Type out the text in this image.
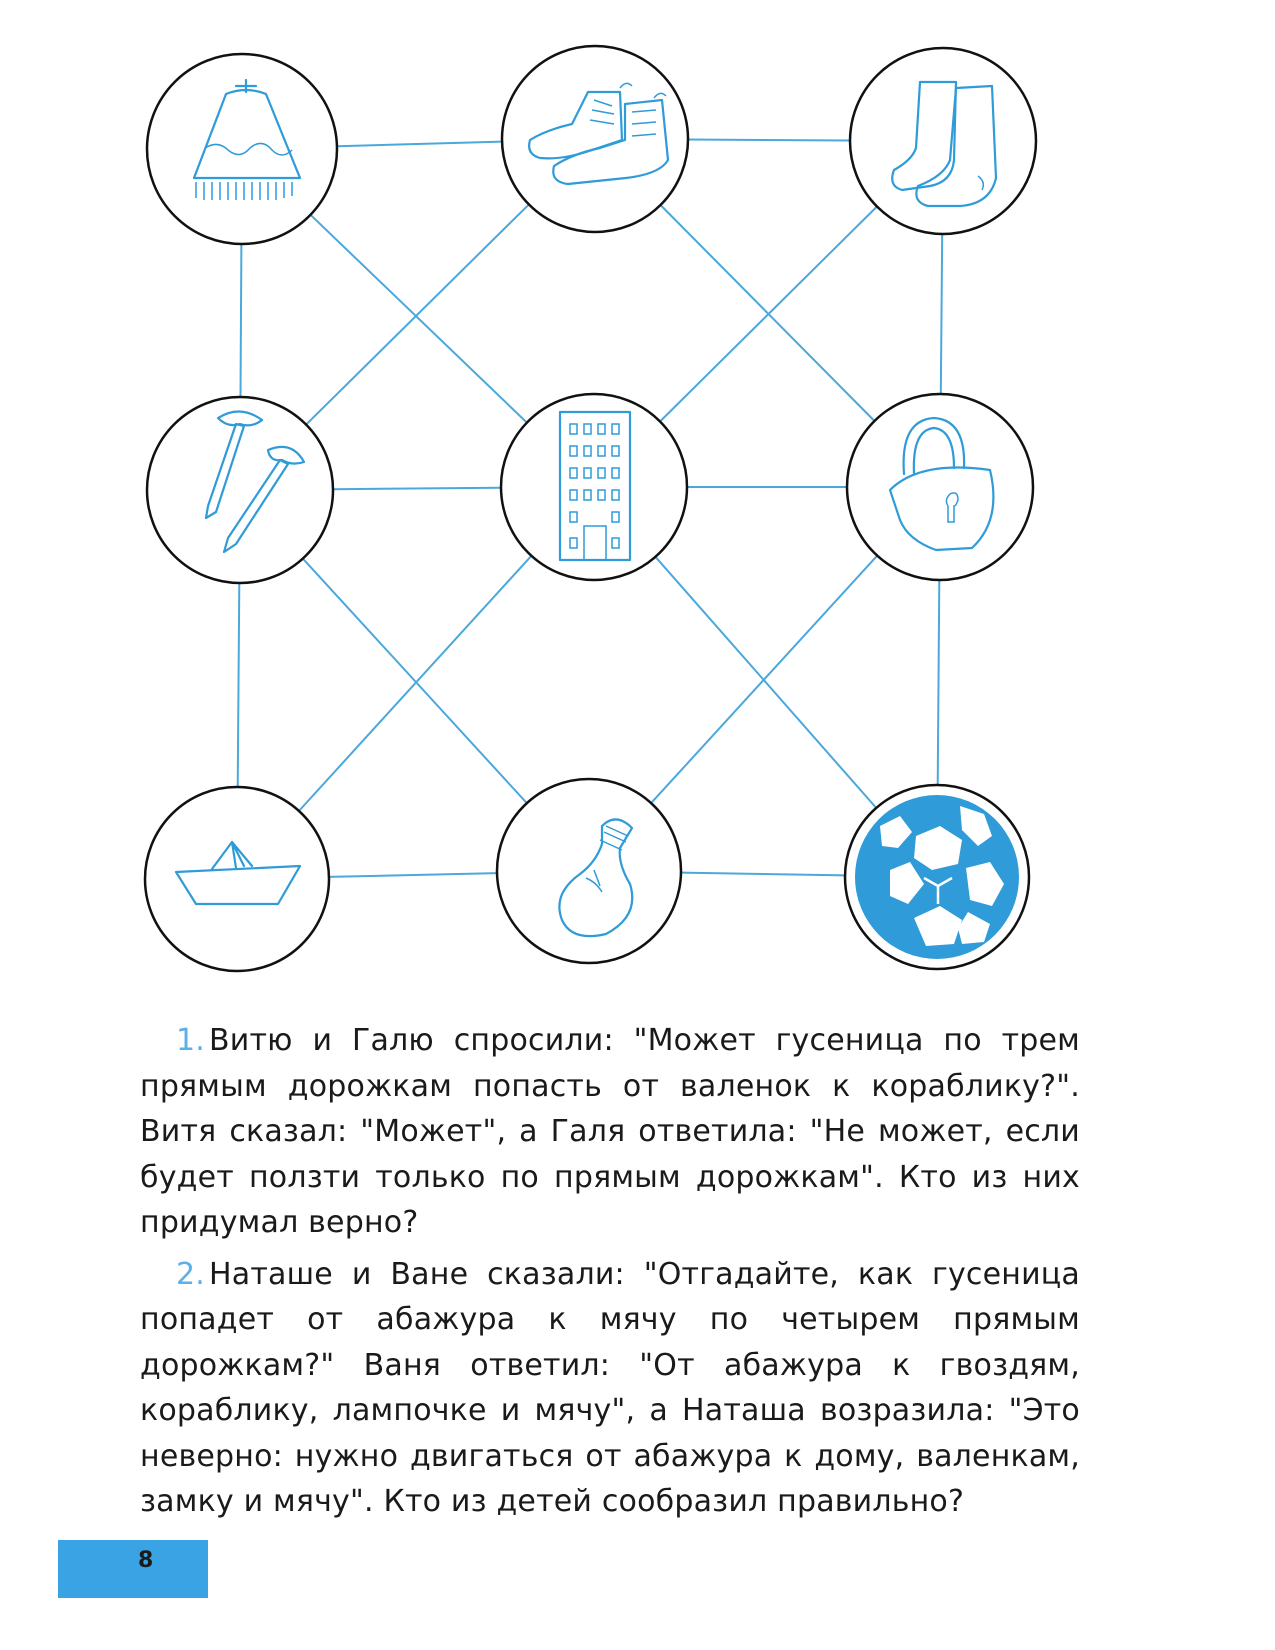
1. Витю и Галю спросили: "Может гусеница по трем прямым дорожкам попасть от валенок к кораблику?". Витя сказал: "Может", а Галя ответила: "Не может, если будет ползти только по прямым дорожкам". Кто из них придумал верно?

2. Наташе и Ване сказали: "Отгадайте, как гусеница попадет от абажура к мячу по четырем прямым дорожкам?" Ваня ответил: "От абажура к гвоздям, кораблику, лампочке и мячу", а Наташа возразила: "Это неверно: нужно двигаться от абажура к дому, валенкам, замку и мячу". Кто из детей сообразил правильно?

8
